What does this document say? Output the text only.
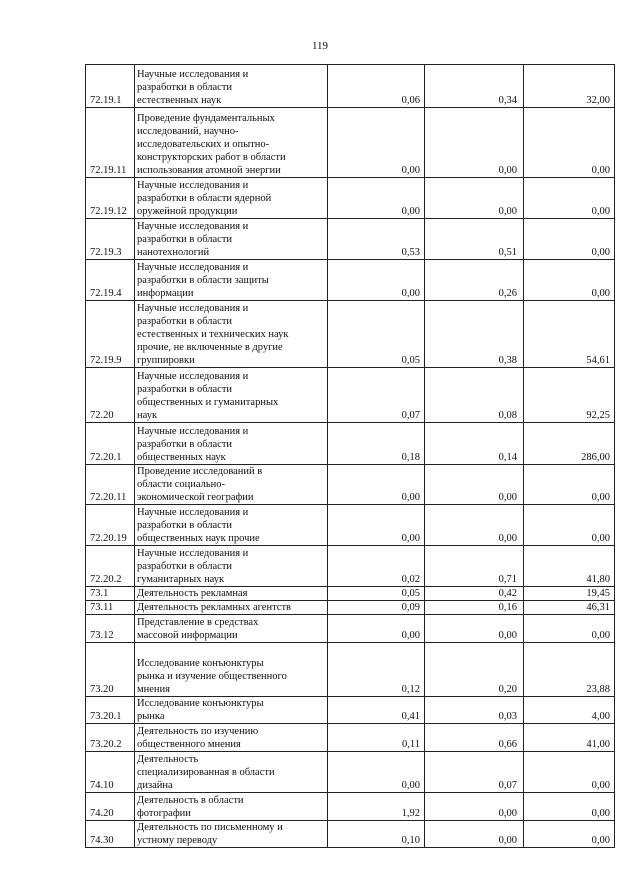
119
72.19.1	Научные исследования и
разработки в области
естественных наук	0,06	0,34	32,00
72.19.11	Проведение фундаментальных
исследований, научно-
исследовательских и опытно-
конструкторских работ в области
использования атомной энергии	0,00	0,00	0,00
72.19.12	Научные исследования и
разработки в области ядерной
оружейной продукции	0,00	0,00	0,00
72.19.3	Научные исследования и
разработки в области
нанотехнологий	0,53	0,51	0,00
72.19.4	Научные исследования и
разработки в области защиты
информации	0,00	0,26	0,00
72.19.9	Научные исследования и
разработки в области
естественных и технических наук
прочие, не включенные в другие
группировки	0,05	0,38	54,61
72.20	Научные исследования и
разработки в области
общественных и гуманитарных
наук	0,07	0,08	92,25
72.20.1	Научные исследования и
разработки в области
общественных наук	0,18	0,14	286,00
72.20.11	Проведение исследований в
области социально-
экономической географии	0,00	0,00	0,00
72.20.19	Научные исследования и
разработки в области
общественных наук прочие	0,00	0,00	0,00
72.20.2	Научные исследования и
разработки в области
гуманитарных наук	0,02	0,71	41,80
73.1	Деятельность рекламная	0,05	0,42	19,45
73.11	Деятельность рекламных агентств	0,09	0,16	46,31
73.12	Представление в средствах
массовой информации	0,00	0,00	0,00
73.20	Исследование конъюнктуры
рынка и изучение общественного
мнения	0,12	0,20	23,88
73.20.1	Исследование конъюнктуры
рынка	0,41	0,03	4,00
73.20.2	Деятельность по изучению
общественного мнения	0,11	0,66	41,00
74.10	Деятельность
специализированная в области
дизайна	0,00	0,07	0,00
74.20	Деятельность в области
фотографии	1,92	0,00	0,00
74.30	Деятельность по письменному и
устному переводу	0,10	0,00	0,00
